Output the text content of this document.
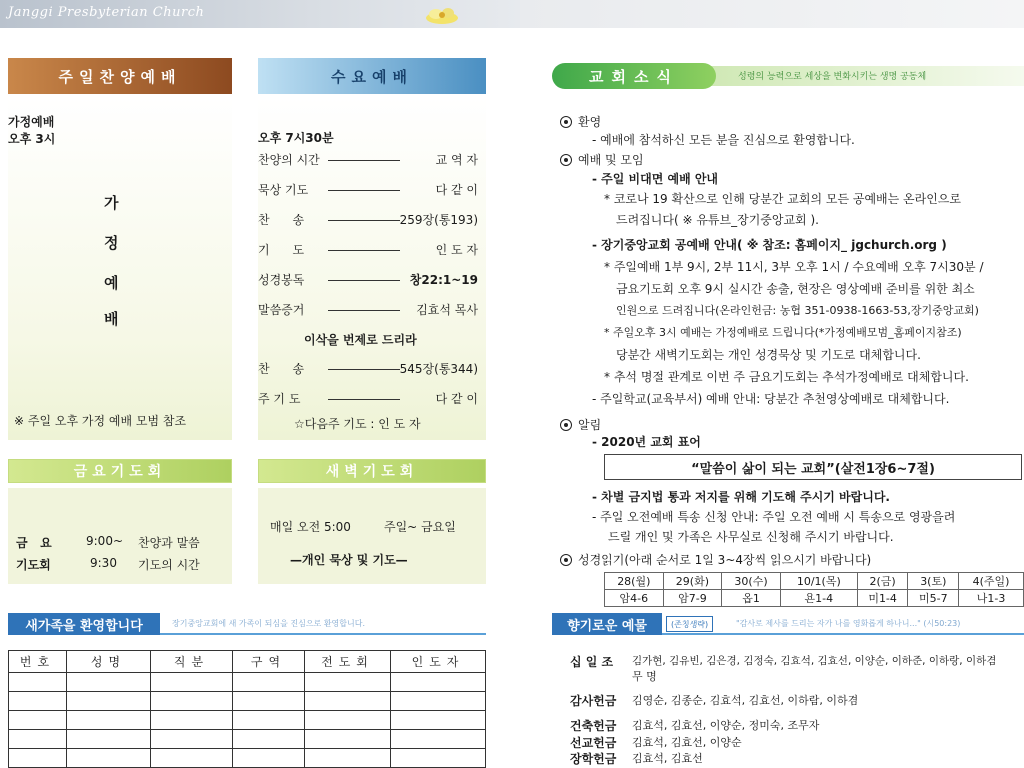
Janggi Presbyterian Church
주일찬양예배
가정예배
오후 3시
가
정
예
배
※ 주일 오후 가정 예배 모범 참조
수요예배
오후 7시30분
찬양의 시간	교 역 자
묵상 기도	다 같 이
찬      송	259장(통193)
기      도	인 도 자
성경봉독	창22:1~19
말씀증거	김효석 목사
이삭을 번제로 드리라
찬      송	545장(통344)
주 기 도	다 같 이
☆다음주 기도 : 인 도 자
금요기도회	새벽기도회
금   요	9:00~ 찬양과 말씀
기도회	9:30 기도의 시간
매일 오전 5:00	주일~ 금요일
—개인 묵상 및 기도—
새가족을 환영합니다	장기중앙교회에 새 가족이 되심을 진심으로 환영합니다.
번호	성명	직분	구역	전도회	인도자

교회소식	성령의 능력으로 세상을 변화시키는 생명 공동체
환영
- 예배에 참석하신 모든 분을 진심으로 환영합니다.
예배 및 모임
- 주일 비대면 예배 안내
* 코로나 19 확산으로 인해 당분간 교회의 모든 공예배는 온라인으로
드려집니다( ※ 유튜브_장기중앙교회 ).
- 장기중앙교회 공예배 안내( ※ 참조: 홈페이지_ jgchurch.org )
* 주일예배 1부 9시, 2부 11시, 3부 오후 1시 / 수요예배 오후 7시30분 /
금요기도회 오후 9시 실시간 송출, 현장은 영상예배 준비를 위한 최소
인원으로 드려집니다(온라인헌금: 농협 351-0938-1663-53,장기중앙교회)
* 주일오후 3시 예배는 가정예배로 드립니다(*가정예배모범_홈페이지참조)
당분간 새벽기도회는 개인 성경묵상 및 기도로 대체합니다.
* 추석 명절 관계로 이번 주 금요기도회는 추석가정예배로 대체합니다.
- 주일학교(교육부서) 예배 안내: 당분간 추천영상예배로 대체합니다.
알림
- 2020년 교회 표어
“말씀이 삶이 되는 교회”(살전1장6~7절)
- 차별 금지법 통과 저지를 위해 기도해 주시기 바랍니다.
- 주일 오전예배 특송 신청 안내: 주일 오전 예배 시 특송으로 영광을려
드릴 개인 및 가족은 사무실로 신청해 주시기 바랍니다.
성경읽기(아래 순서로 1일 3~4장씩 읽으시기 바랍니다)
28(월)	29(화)	30(수)	10/1(목)	2(금)	3(토)	4(주일)
암4-6	암7-9	옵1	욘1-4	미1-4	미5-7	나1-3
향기로운 예물	(존칭생략)	"감사로 제사를 드리는 자가 나를 영화롭게 하나니..." (시50:23)
십 일 조 김가현, 김유빈, 김은경, 김정숙, 김효석, 김효선, 이양순, 이하준, 이하랑, 이하겸
무 명
감사헌금 김영순, 김종순, 김효석, 김효선, 이하람, 이하겸
건축헌금 김효석, 김효선, 이양순, 정미숙, 조무자
선교헌금 김효석, 김효선, 이양순
장학헌금 김효석, 김효선
